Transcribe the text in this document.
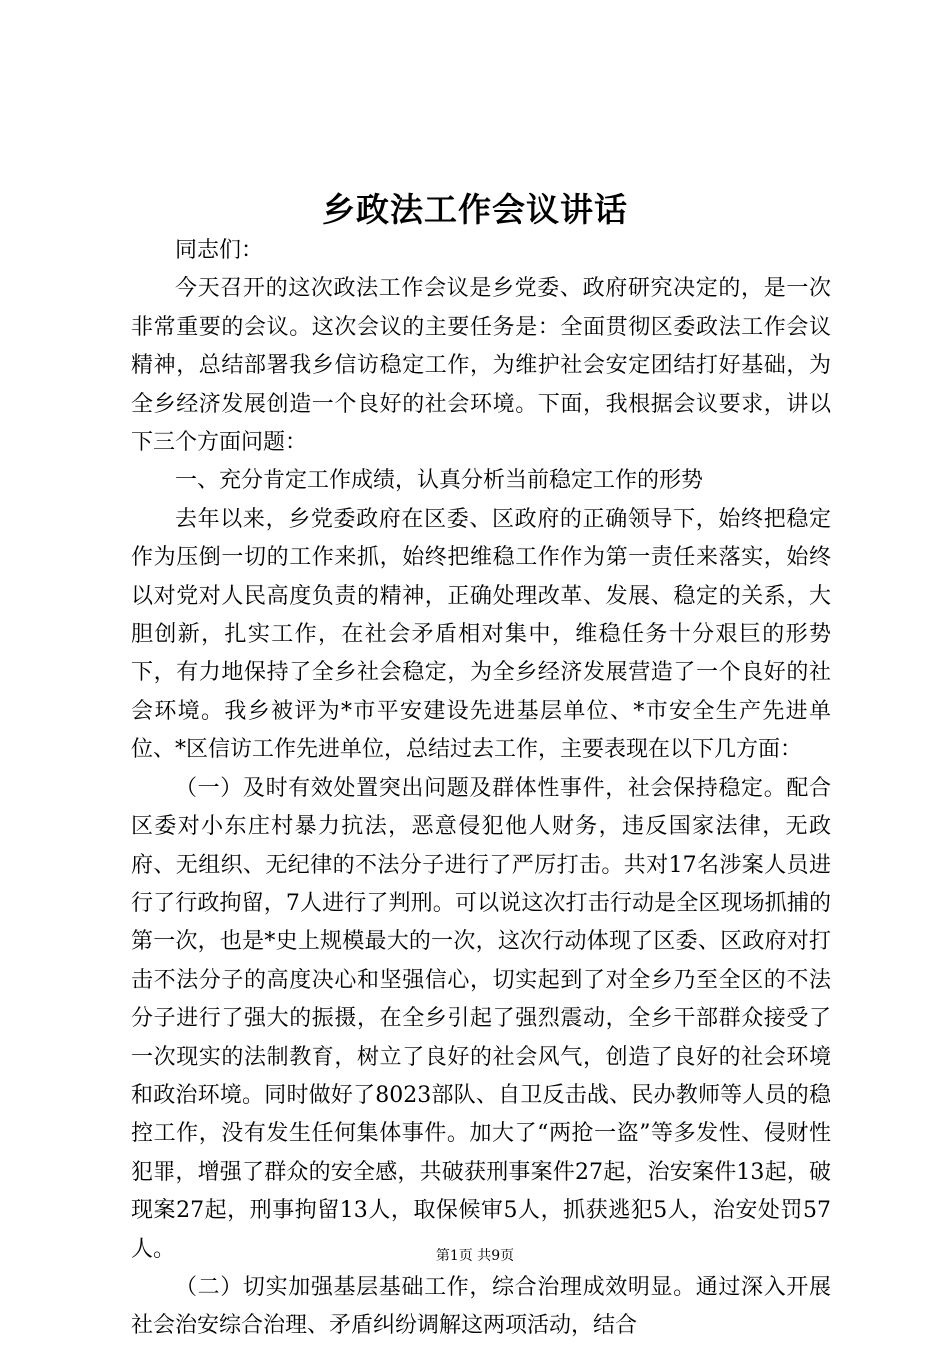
乡政法工作会议讲话

同志们：

今天召开的这次政法工作会议是乡党委、政府研究决定的，是一次非常重要的会议。这次会议的主要任务是：全面贯彻区委政法工作会议精神，总结部署我乡信访稳定工作，为维护社会安定团结打好基础，为全乡经济发展创造一个良好的社会环境。下面，我根据会议要求，讲以下三个方面问题：

一、充分肯定工作成绩，认真分析当前稳定工作的形势

去年以来，乡党委政府在区委、区政府的正确领导下，始终把稳定作为压倒一切的工作来抓，始终把维稳工作作为第一责任来落实，始终以对党对人民高度负责的精神，正确处理改革、发展、稳定的关系，大胆创新，扎实工作，在社会矛盾相对集中，维稳任务十分艰巨的形势下，有力地保持了全乡社会稳定，为全乡经济发展营造了一个良好的社会环境。我乡被评为*市平安建设先进基层单位、*市安全生产先进单位、*区信访工作先进单位，总结过去工作，主要表现在以下几方面：

（一）及时有效处置突出问题及群体性事件，社会保持稳定。配合区委对小东庄村暴力抗法，恶意侵犯他人财务，违反国家法律，无政府、无组织、无纪律的不法分子进行了严厉打击。共对17名涉案人员进行了行政拘留，7人进行了判刑。可以说这次打击行动是全区现场抓捕的第一次，也是*史上规模最大的一次，这次行动体现了区委、区政府对打击不法分子的高度决心和坚强信心，切实起到了对全乡乃至全区的不法分子进行了强大的振摄，在全乡引起了强烈震动，全乡干部群众接受了一次现实的法制教育，树立了良好的社会风气，创造了良好的社会环境和政治环境。同时做好了8023部队、自卫反击战、民办教师等人员的稳控工作，没有发生任何集体事件。加大了“两抢一盗”等多发性、侵财性犯罪，增强了群众的安全感，共破获刑事案件27起，治安案件13起，破现案27起，刑事拘留13人，取保候审5人，抓获逃犯5人，治安处罚57人。

（二）切实加强基层基础工作，综合治理成效明显。通过深入开展社会治安综合治理、矛盾纠纷调解这两项活动，结合

第1页 共9页
